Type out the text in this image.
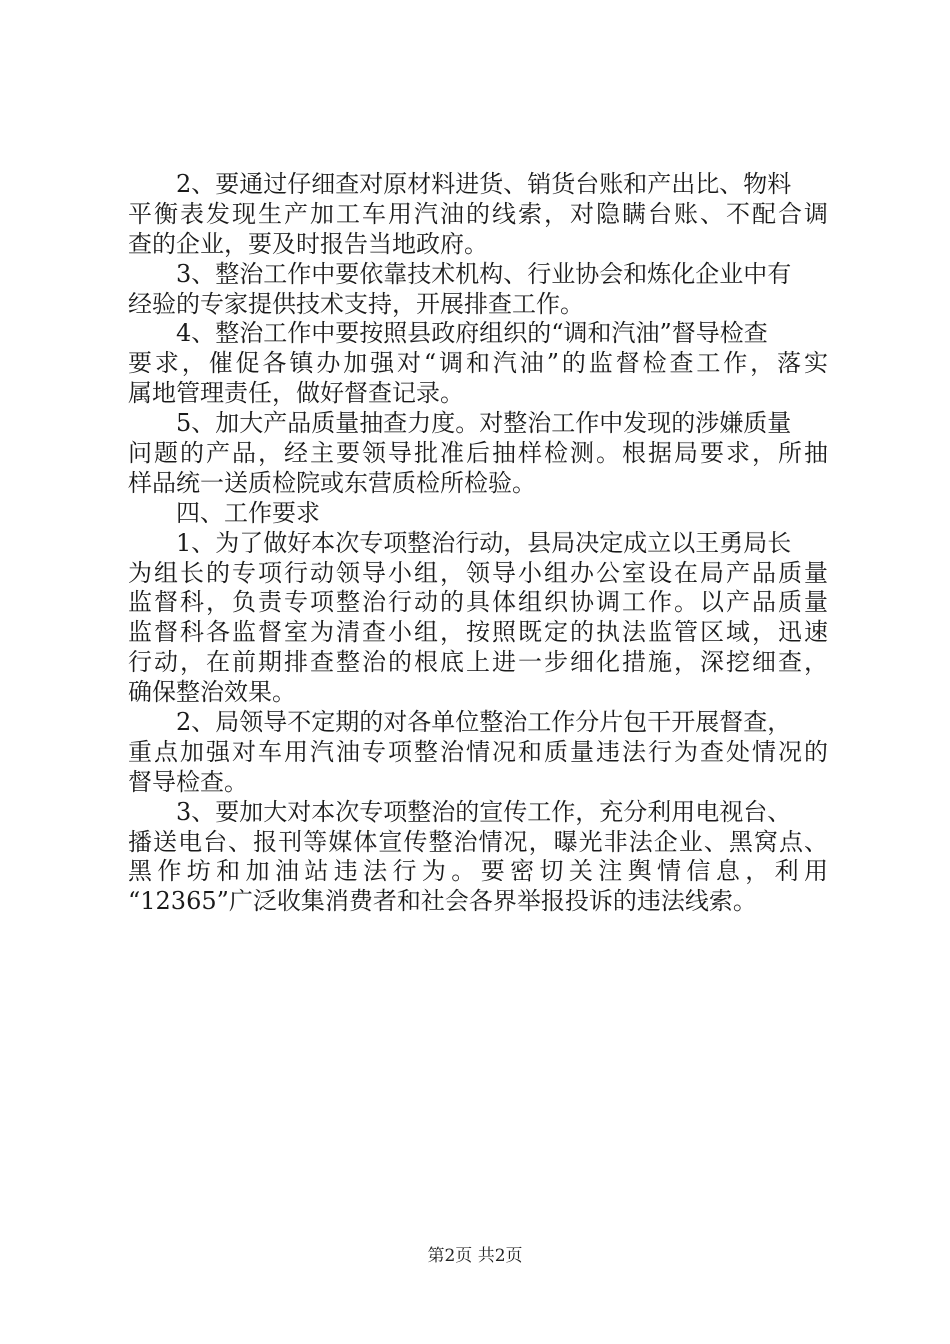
2、要通过仔细查对原材料进货、销货台账和产出比、物料
平衡表发现生产加工车用汽油的线索，对隐瞒台账、不配合调
查的企业，要及时报告当地政府。
3、整治工作中要依靠技术机构、行业协会和炼化企业中有
经验的专家提供技术支持，开展排查工作。
4、整治工作中要按照县政府组织的“调和汽油”督导检查
要求，催促各镇办加强对“调和汽油”的监督检查工作，落实
属地管理责任，做好督查记录。
5、加大产品质量抽查力度。对整治工作中发现的涉嫌质量
问题的产品，经主要领导批准后抽样检测。根据局要求，所抽
样品统一送质检院或东营质检所检验。
四、工作要求
1、为了做好本次专项整治行动，县局决定成立以王勇局长
为组长的专项行动领导小组，领导小组办公室设在局产品质量
监督科，负责专项整治行动的具体组织协调工作。以产品质量
监督科各监督室为清查小组，按照既定的执法监管区域，迅速
行动，在前期排查整治的根底上进一步细化措施，深挖细查，
确保整治效果。
2、局领导不定期的对各单位整治工作分片包干开展督查，
重点加强对车用汽油专项整治情况和质量违法行为查处情况的
督导检查。
3、要加大对本次专项整治的宣传工作，充分利用电视台、
播送电台、报刊等媒体宣传整治情况，曝光非法企业、黑窝点、
黑作坊和加油站违法行为。要密切关注舆情信息，利用
“12365”广泛收集消费者和社会各界举报投诉的违法线索。
第2页 共2页
